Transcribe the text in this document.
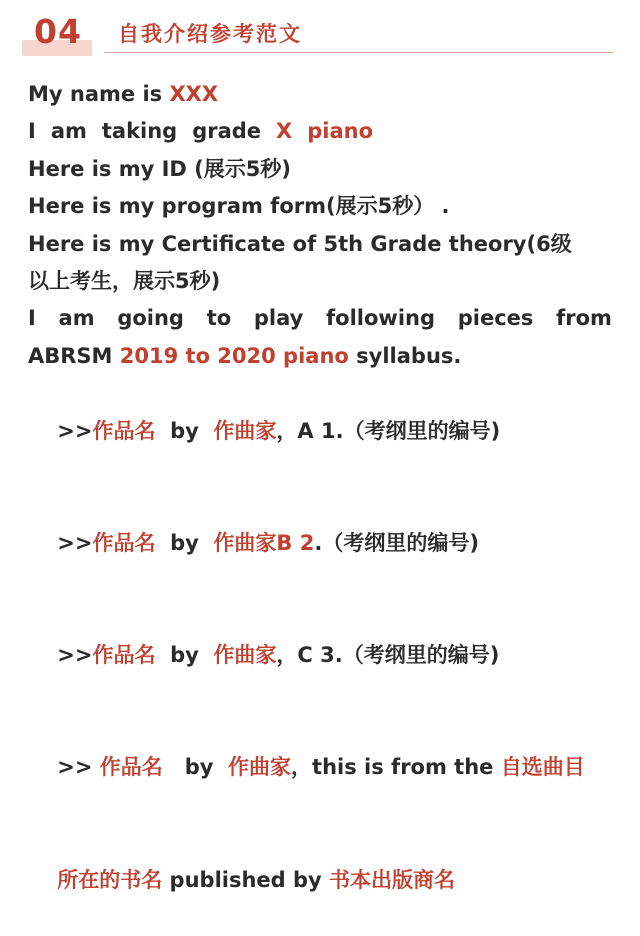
04 自我介绍参考范文
My name is XXX
I am taking grade X piano
Here is my ID (展示5秒)
Here is my program form(展示5秒） .
Here is my Certificate of 5th Grade theory(6级
以上考生，展示5秒)
I am going to play following pieces from
ABRSM 2019 to 2020 piano syllabus.

>>作品名  by  作曲家，A 1.（考纲里的编号)

>>作品名  by  作曲家B 2.（考纲里的编号)

>>作品名  by  作曲家，C 3.（考纲里的编号)

>> 作品名   by  作曲家，this is from the 自选曲目

所在的书名 published by 书本出版商名
